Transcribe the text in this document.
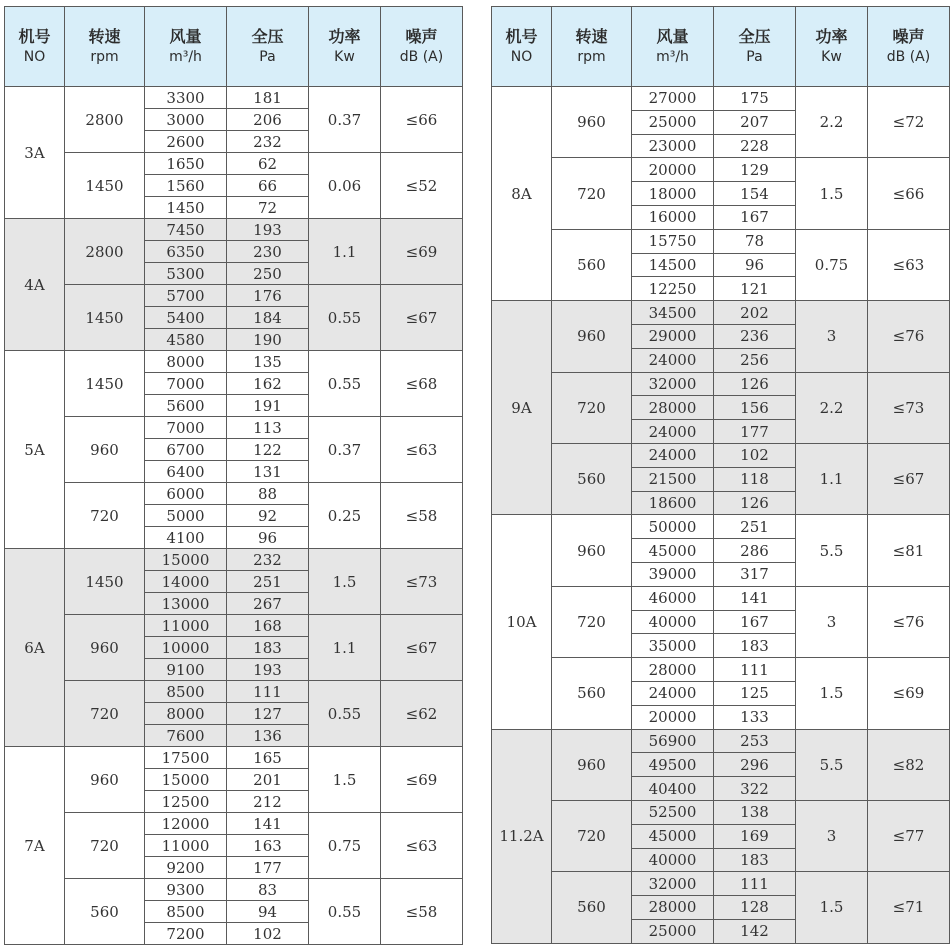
机号
NO	转速
rpm	风量
m³/h	全压
Pa	功率
Kw	噪声
dB (A)

3A	2800	3300	181	0.37	≤66
		3000	206		
		2600	232		
	1450	1650	62	0.06	≤52
		1560	66		
		1450	72		
4A	2800	7450	193	1.1	≤69
		6350	230		
		5300	250		
	1450	5700	176	0.55	≤67
		5400	184		
		4580	190		
5A	1450	8000	135	0.55	≤68
		7000	162		
		5600	191		
	960	7000	113	0.37	≤63
		6700	122		
		6400	131		
	720	6000	88	0.25	≤58
		5000	92		
		4100	96		
6A	1450	15000	232	1.5	≤73
		14000	251		
		13000	267		
	960	11000	168	1.1	≤67
		10000	183		
		9100	193		
	720	8500	111	0.55	≤62
		8000	127		
		7600	136		
7A	960	17500	165	1.5	≤69
		15000	201		
		12500	212		
	720	12000	141	0.75	≤63
		11000	163		
		9200	177		
	560	9300	83	0.55	≤58
		8500	94		
		7200	102		
机号
NO	转速
rpm	风量
m³/h	全压
Pa	功率
Kw	噪声
dB (A)

8A	960	27000	175	2.2	≤72
		25000	207		
		23000	228		
	720	20000	129	1.5	≤66
		18000	154		
		16000	167		
	560	15750	78	0.75	≤63
		14500	96		
		12250	121		
9A	960	34500	202	3	≤76
		29000	236		
		24000	256		
	720	32000	126	2.2	≤73
		28000	156		
		24000	177		
	560	24000	102	1.1	≤67
		21500	118		
		18600	126		
10A	960	50000	251	5.5	≤81
		45000	286		
		39000	317		
	720	46000	141	3	≤76
		40000	167		
		35000	183		
	560	28000	111	1.5	≤69
		24000	125		
		20000	133		
11.2A	960	56900	253	5.5	≤82
		49500	296		
		40400	322		
	720	52500	138	3	≤77
		45000	169		
		40000	183		
	560	32000	111	1.5	≤71
		28000	128		
		25000	142		
